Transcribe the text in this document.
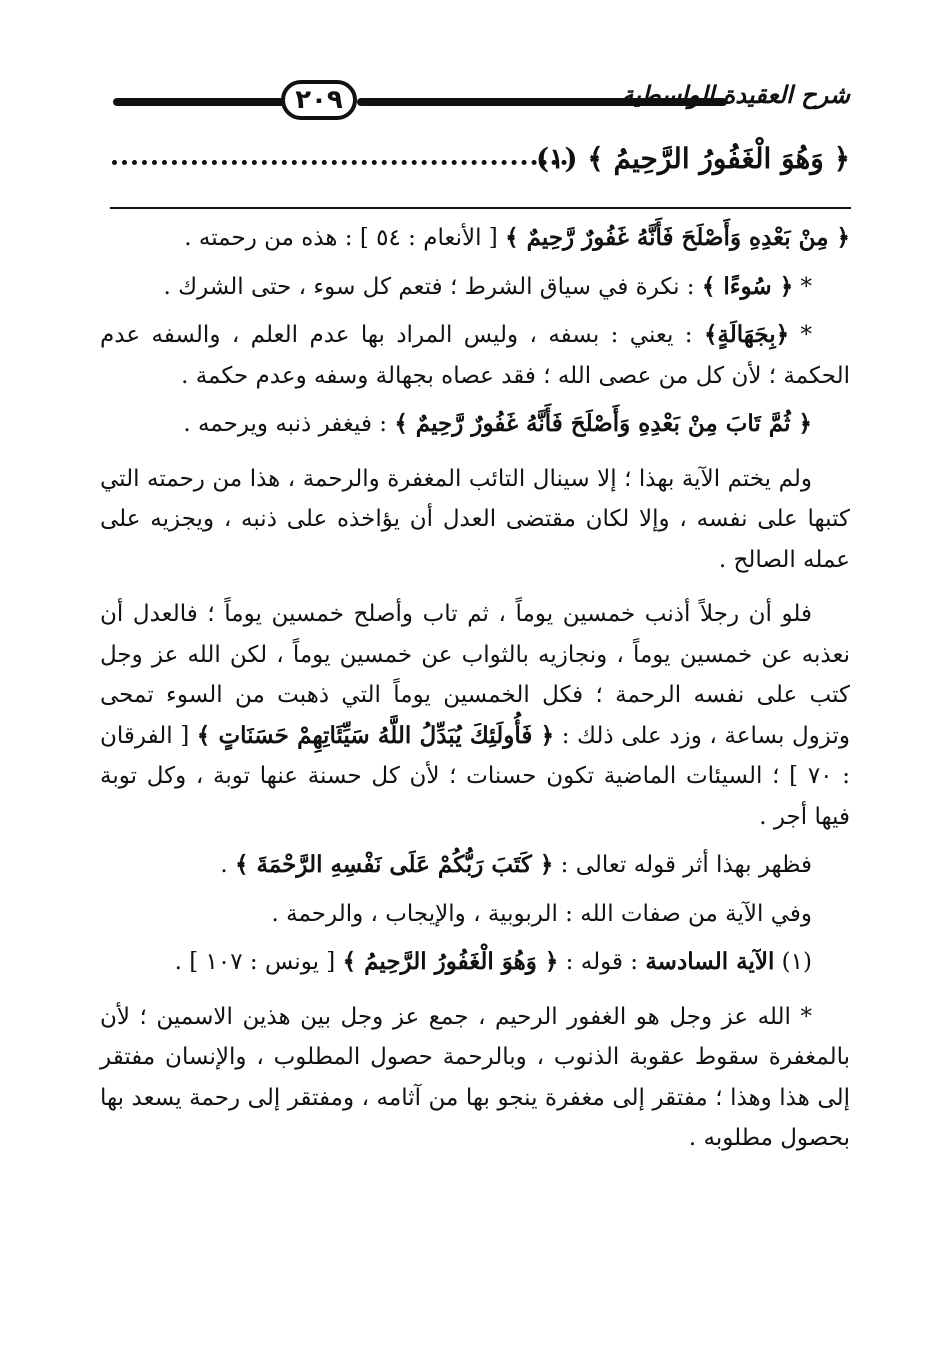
٢٠٩	شرح العقيدة الواسطية
﴿ وَهُوَ الْغَفُورُ الرَّحِيمُ ﴾ (١)

﴿ مِنْ بَعْدِهِ وَأَصْلَحَ فَأَنَّهُ غَفُورٌ رَّحِيمٌ ﴾ [ الأنعام : ٥٤ ] : هذه من رحمته .

* ﴿ سُوءًا ﴾ : نكرة في سياق الشرط ؛ فتعم كل سوء ، حتى الشرك .

* ﴿بِجَهَالَةٍ﴾ : يعني : بسفه ، وليس المراد بها عدم العلم ، والسفه عدم الحكمة ؛ لأن كل من عصى الله ؛ فقد عصاه بجهالة وسفه وعدم حكمة .

﴿ ثُمَّ تَابَ مِنْ بَعْدِهِ وَأَصْلَحَ فَأَنَّهُ غَفُورٌ رَّحِيمٌ ﴾ : فيغفر ذنبه ويرحمه .

ولم يختم الآية بهذا ؛ إلا سينال التائب المغفرة والرحمة ، هذا من رحمته التي كتبها على نفسه ، وإلا لكان مقتضى العدل أن يؤاخذه على ذنبه ، ويجزيه على عمله الصالح .

فلو أن رجلاً أذنب خمسين يوماً ، ثم تاب وأصلح خمسين يوماً ؛ فالعدل أن نعذبه عن خمسين يوماً ، ونجازيه بالثواب عن خمسين يوماً ، لكن الله عز وجل كتب على نفسه الرحمة ؛ فكل الخمسين يوماً التي ذهبت من السوء تمحى وتزول بساعة ، وزد على ذلك : ﴿ فَأُولَئِكَ يُبَدِّلُ اللَّهُ سَيِّئَاتِهِمْ حَسَنَاتٍ ﴾ [ الفرقان : ٧٠ ] ؛ السيئات الماضية تكون حسنات ؛ لأن كل حسنة عنها توبة ، وكل توبة فيها أجر .

فظهر بهذا أثر قوله تعالى : ﴿ كَتَبَ رَبُّكُمْ عَلَى نَفْسِهِ الرَّحْمَةَ ﴾ .

وفي الآية من صفات الله : الربوبية ، والإيجاب ، والرحمة .

(١) الآية السادسة : قوله : ﴿ وَهُوَ الْغَفُورُ الرَّحِيمُ ﴾ [ يونس : ١٠٧ ] .

* الله عز وجل هو الغفور الرحيم ، جمع عز وجل بين هذين الاسمين ؛ لأن بالمغفرة سقوط عقوبة الذنوب ، وبالرحمة حصول المطلوب ، والإنسان مفتقر إلى هذا وهذا ؛ مفتقر إلى مغفرة ينجو بها من آثامه ، ومفتقر إلى رحمة يسعد بها بحصول مطلوبه .
